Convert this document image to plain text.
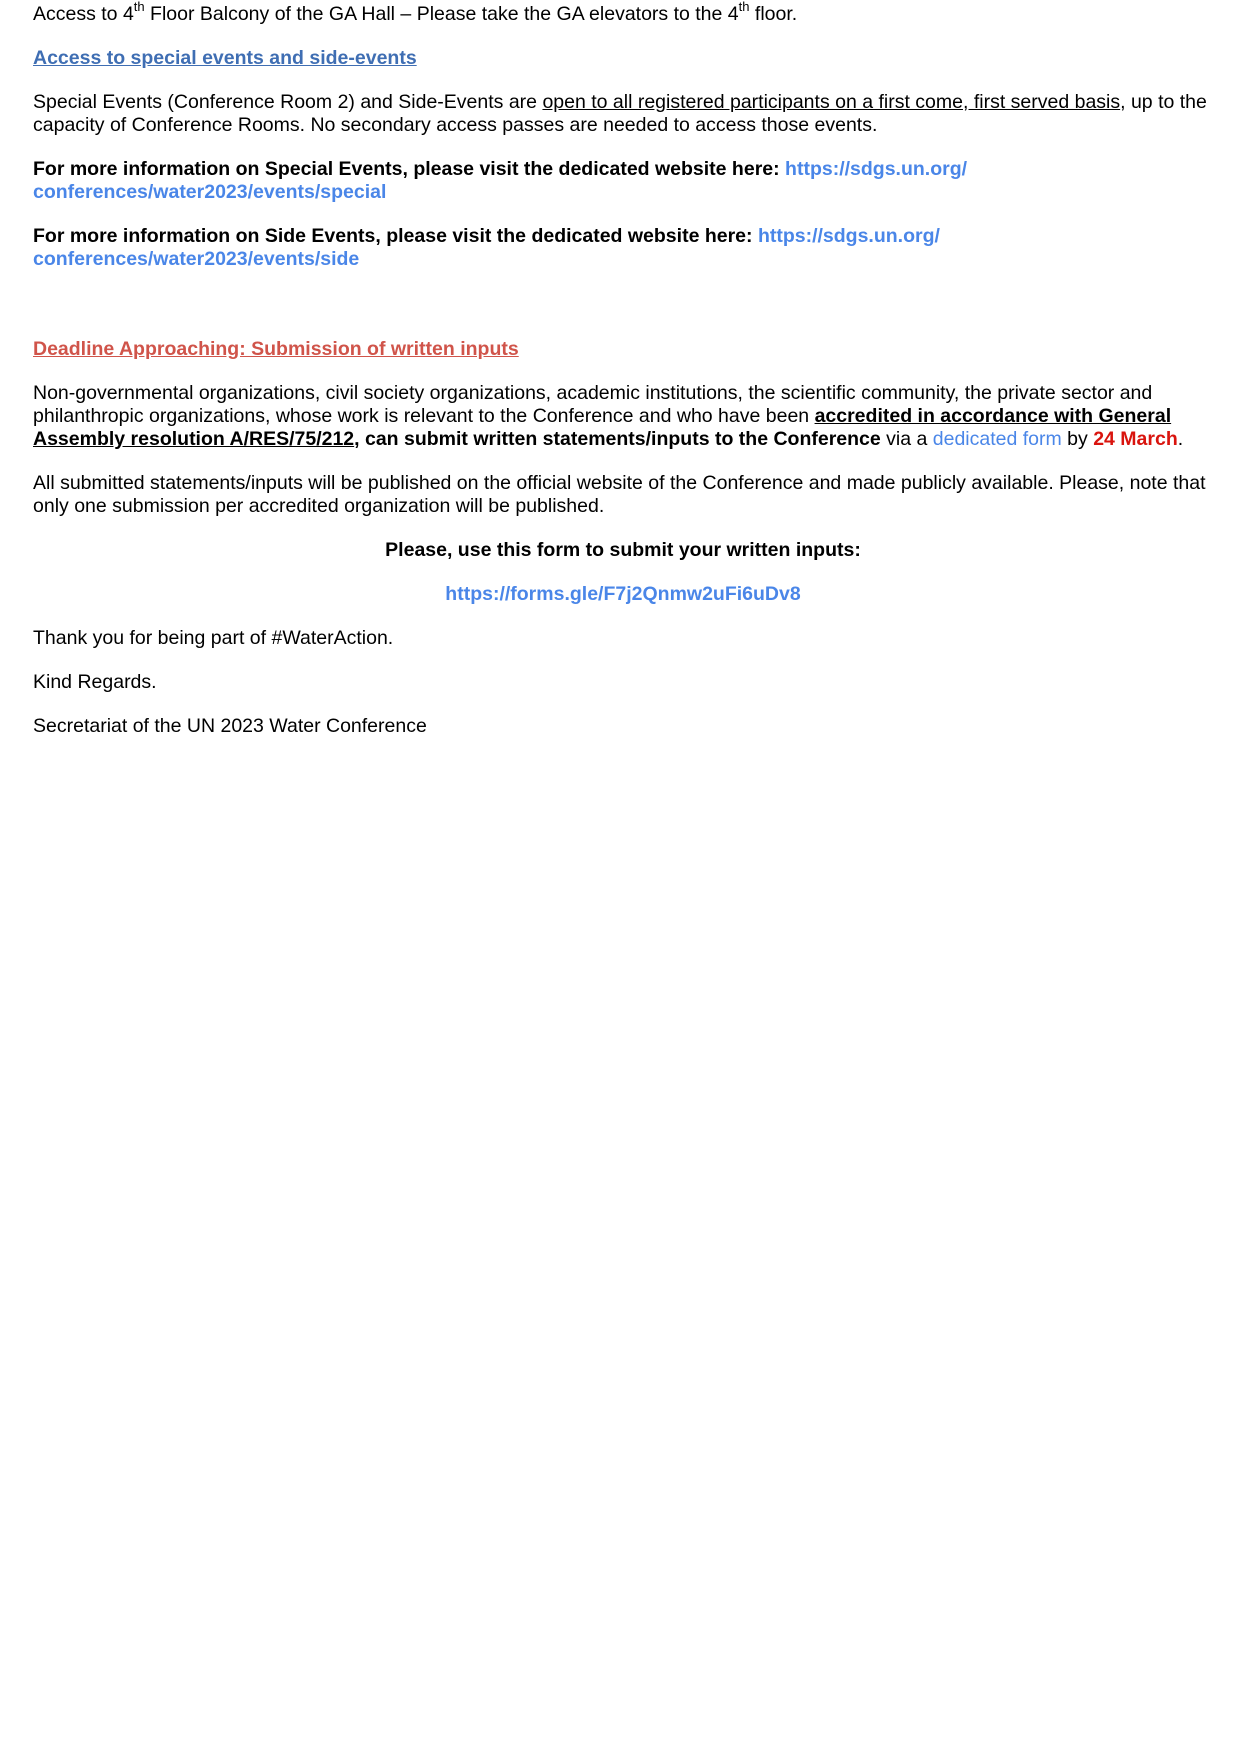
Access to 4th Floor Balcony of the GA Hall – Please take the GA elevators to the 4th floor.

Access to special events and side-events

Special Events (Conference Room 2) and Side-Events are open to all registered participants on a first come, first served basis, up to the capacity of Conference Rooms. No secondary access passes are needed to access those events.

For more information on Special Events, please visit the dedicated website here: https://sdgs.un.org/
conferences/water2023/events/special

For more information on Side Events, please visit the dedicated website here: https://sdgs.un.org/
conferences/water2023/events/side

Deadline Approaching: Submission of written inputs

Non-governmental organizations, civil society organizations, academic institutions, the scientific community, the private sector and philanthropic organizations, whose work is relevant to the Conference and who have been accredited in accordance with General Assembly resolution A/RES/75/212, can submit written statements/inputs to the Conference via a dedicated form by 24 March.

All submitted statements/inputs will be published on the official website of the Conference and made publicly available. Please, note that only one submission per accredited organization will be published.

Please, use this form to submit your written inputs:

https://forms.gle/F7j2Qnmw2uFi6uDv8

Thank you for being part of #WaterAction.

Kind Regards.

Secretariat of the UN 2023 Water Conference
